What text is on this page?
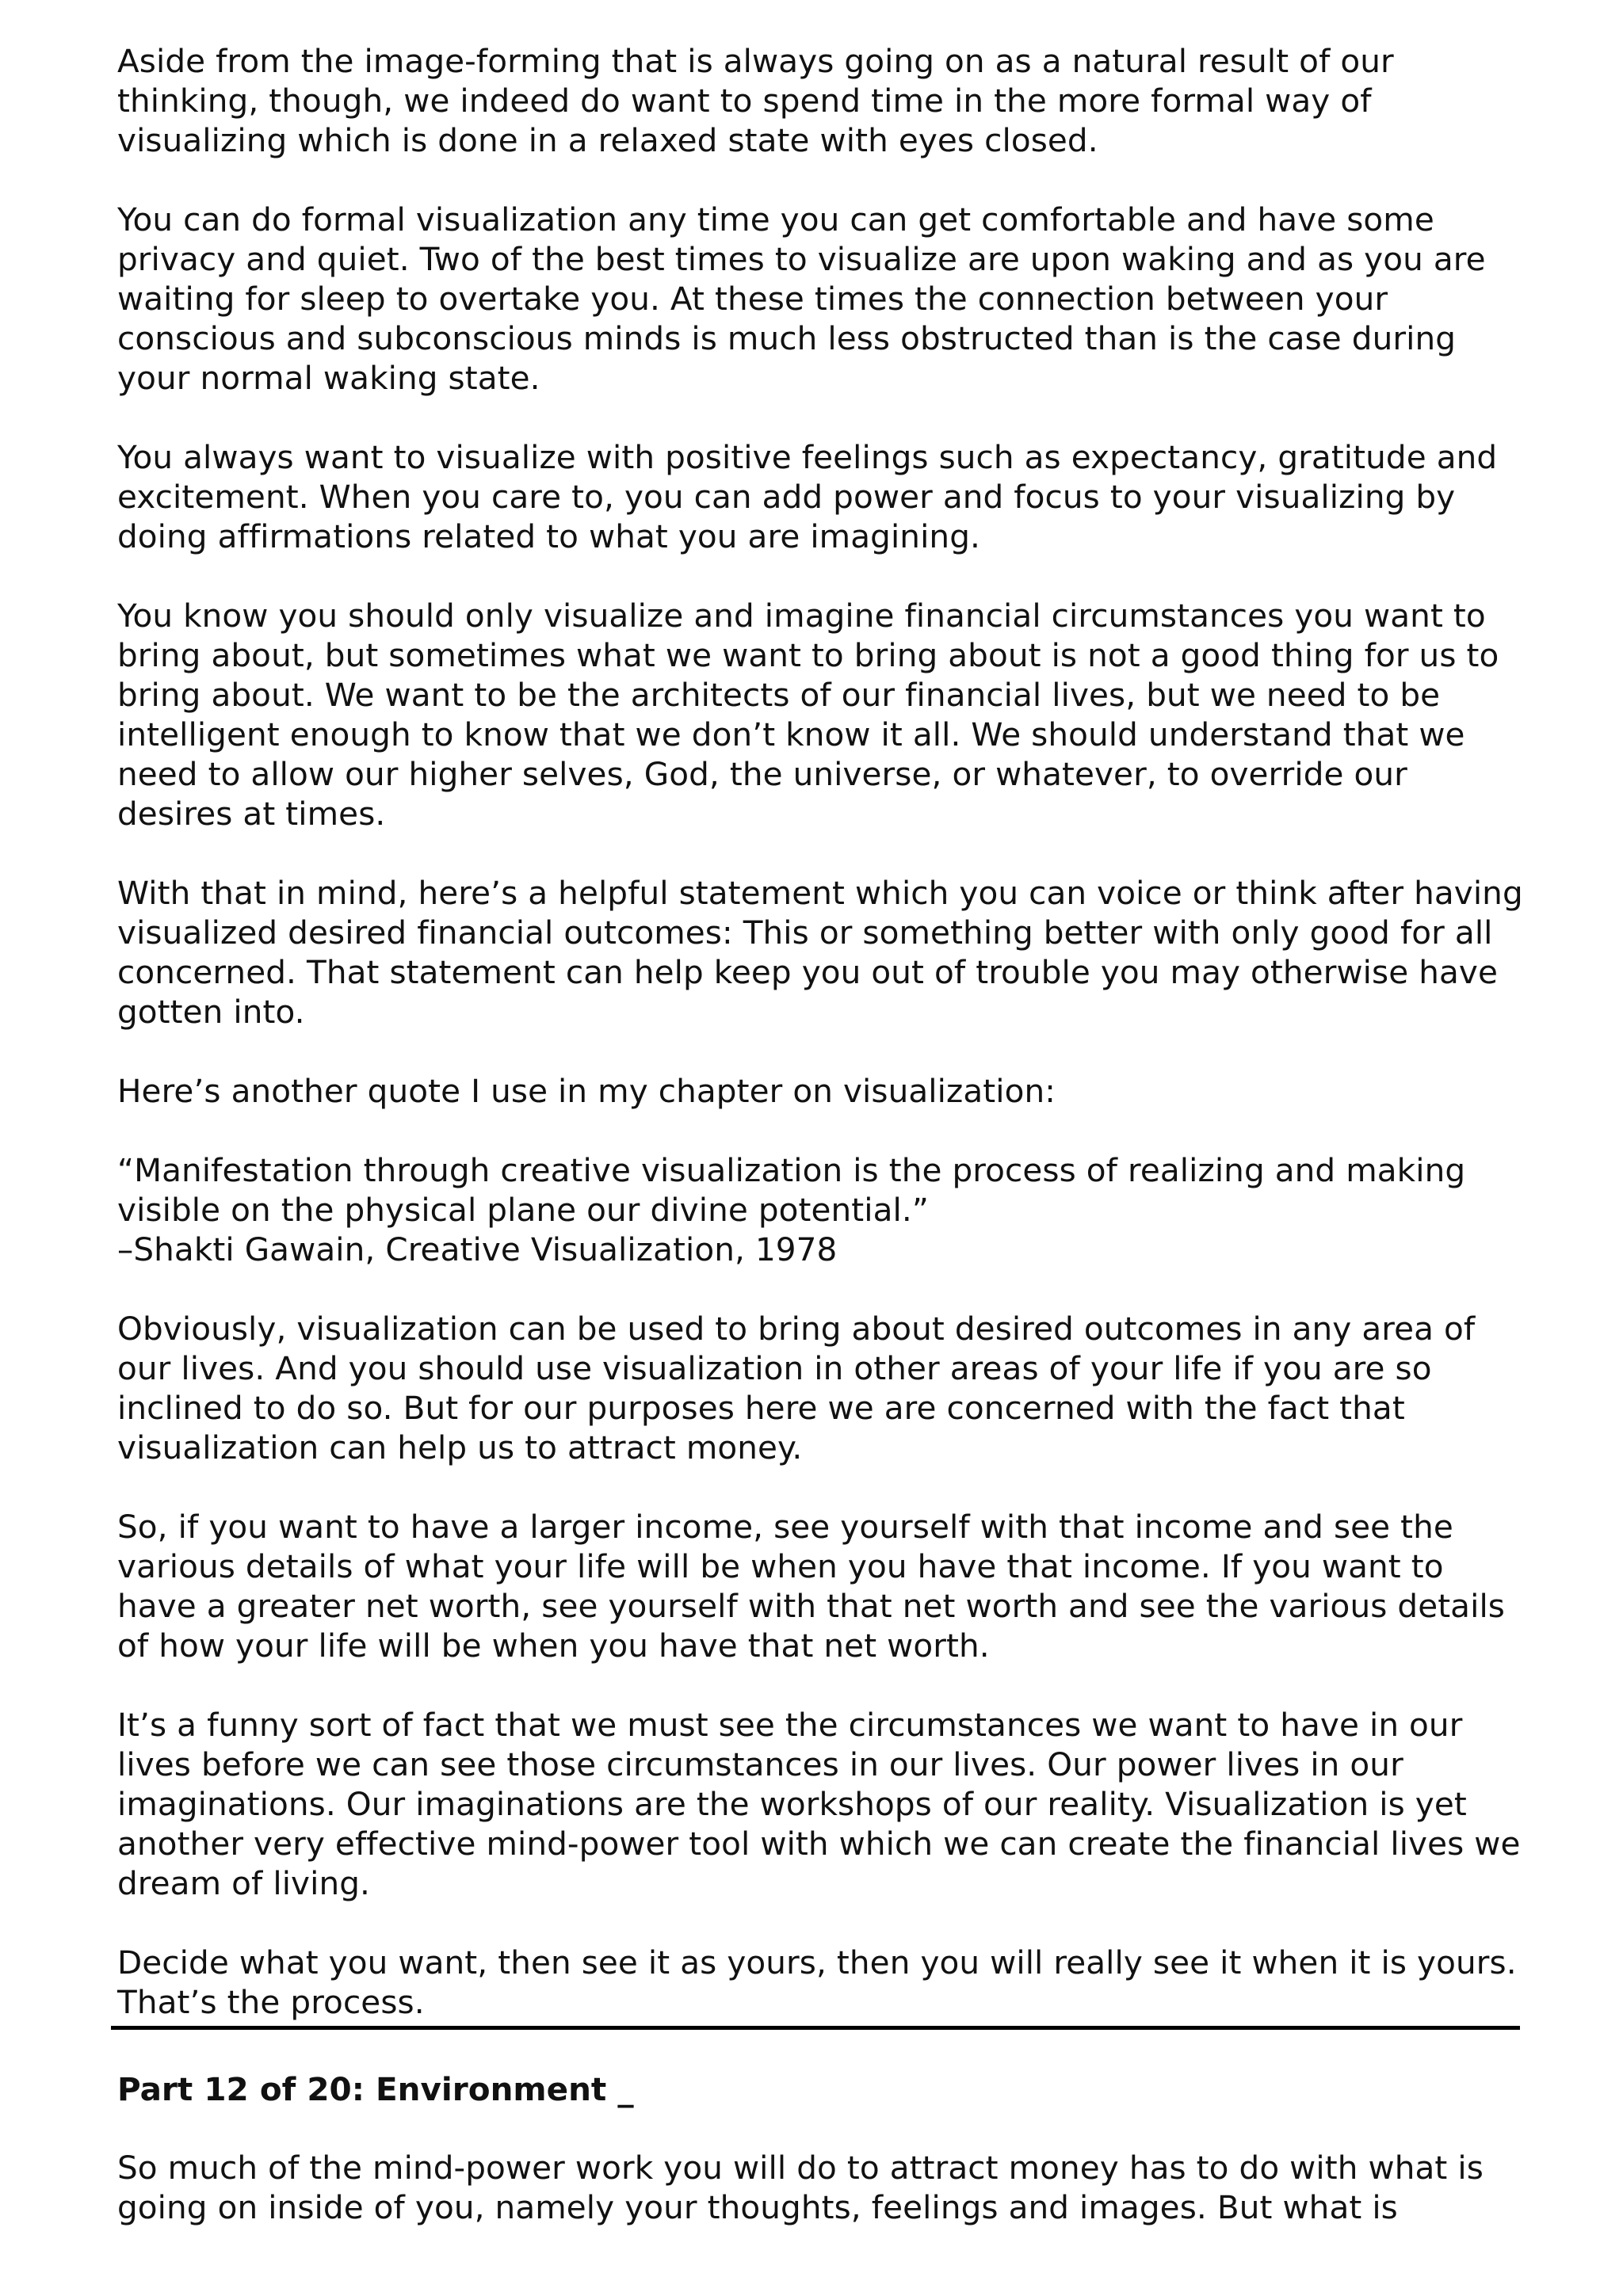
Aside from the image-forming that is always going on as a natural result of our thinking, though, we indeed do want to spend time in the more formal way of visualizing which is done in a relaxed state with eyes closed.

You can do formal visualization any time you can get comfortable and have some privacy and quiet. Two of the best times to visualize are upon waking and as you are waiting for sleep to overtake you. At these times the connection between your conscious and subconscious minds is much less obstructed than is the case during your normal waking state.

You always want to visualize with positive feelings such as expectancy, gratitude and excitement. When you care to, you can add power and focus to your visualizing by doing affirmations related to what you are imagining.

You know you should only visualize and imagine financial circumstances you want to bring about, but sometimes what we want to bring about is not a good thing for us to bring about. We want to be the architects of our financial lives, but we need to be intelligent enough to know that we don’t know it all. We should understand that we need to allow our higher selves, God, the universe, or whatever, to override our desires at times.

With that in mind, here’s a helpful statement which you can voice or think after having visualized desired financial outcomes: This or something better with only good for all concerned. That statement can help keep you out of trouble you may otherwise have gotten into.

Here’s another quote I use in my chapter on visualization:

“Manifestation through creative visualization is the process of realizing and making visible on the physical plane our divine potential.”

–Shakti Gawain, Creative Visualization, 1978

Obviously, visualization can be used to bring about desired outcomes in any area of our lives. And you should use visualization in other areas of your life if you are so inclined to do so. But for our purposes here we are concerned with the fact that visualization can help us to attract money.

So, if you want to have a larger income, see yourself with that income and see the various details of what your life will be when you have that income. If you want to have a greater net worth, see yourself with that net worth and see the various details of how your life will be when you have that net worth.

It’s a funny sort of fact that we must see the circumstances we want to have in our lives before we can see those circumstances in our lives. Our power lives in our imaginations. Our imaginations are the workshops of our reality. Visualization is yet another very effective mind-power tool with which we can create the financial lives we dream of living.

Decide what you want, then see it as yours, then you will really see it when it is yours. That’s the process.

Part 12 of 20: Environment _

So much of the mind-power work you will do to attract money has to do with what is going on inside of you, namely your thoughts, feelings and images. But what is
